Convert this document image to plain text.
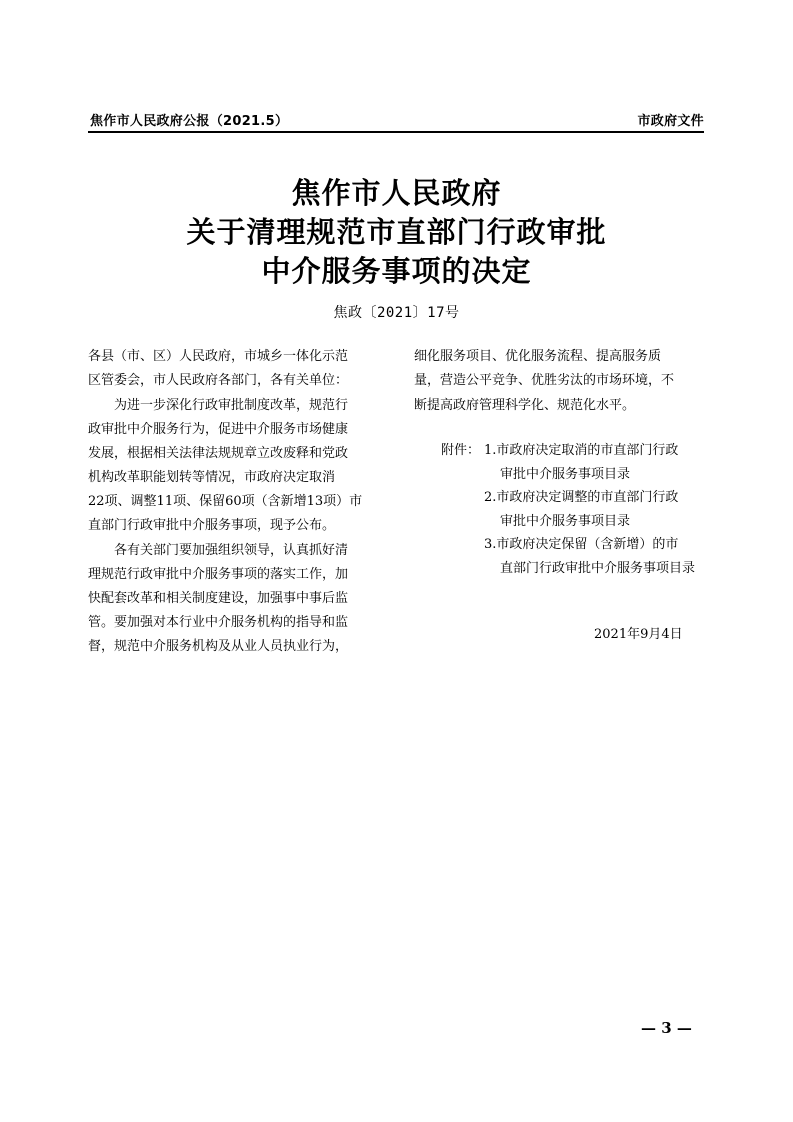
焦作市人民政府公报（2021.5）	市政府文件
焦作市人民政府
关于清理规范市直部门行政审批
中介服务事项的决定
焦政〔2021〕17号
各县（市、区）人民政府，市城乡一体化示范
区管委会，市人民政府各部门，各有关单位：
为进一步深化行政审批制度改革，规范行
政审批中介服务行为，促进中介服务市场健康
发展，根据相关法律法规规章立改废释和党政
机构改革职能划转等情况，市政府决定取消
22项、调整11项、保留60项（含新增13项）市
直部门行政审批中介服务事项，现予公布。
各有关部门要加强组织领导，认真抓好清
理规范行政审批中介服务事项的落实工作，加
快配套改革和相关制度建设，加强事中事后监
管。要加强对本行业中介服务机构的指导和监
督，规范中介服务机构及从业人员执业行为，
细化服务项目、优化服务流程、提高服务质
量，营造公平竞争、优胜劣汰的市场环境，不
断提高政府管理科学化、规范化水平。
附件： 1.市政府决定取消的市直部门行政
审批中介服务事项目录
2.市政府决定调整的市直部门行政
审批中介服务事项目录
3.市政府决定保留（含新增）的市
直部门行政审批中介服务事项目录
2021年9月4日
— 3 —
